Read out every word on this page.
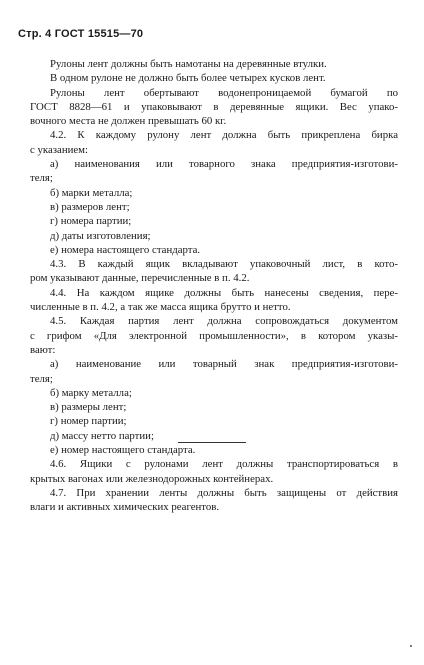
Стр. 4 ГОСТ 15515—70
Рулоны лент должны быть намотаны на деревянные втулки.
В одном рулоне не должно быть более четырех кусков лент.
Рулоны лент обертывают водонепроницаемой бумагой по
ГОСТ 8828—61 и упаковывают в деревянные ящики. Вес упако-
вочного места не должен превышать 60 кг.
4.2. К каждому рулону лент должна быть прикреплена бирка
с указанием:
а) наименования или товарного знака предприятия-изготови-
теля;
б) марки металла;
в) размеров лент;
г) номера партии;
д) даты изготовления;
е) номера настоящего стандарта.
4.3. В каждый ящик вкладывают упаковочный лист, в кото-
ром указывают данные, перечисленные в п. 4.2.
4.4. На каждом ящике должны быть нанесены сведения, пере-
численные в п. 4.2, а так же масса ящика брутто и нетто.
4.5. Каждая партия лент должна сопровождаться документом
с грифом «Для электронной промышленности», в котором указы-
вают:
а) наименование или товарный знак предприятия-изготови-
теля;
б) марку металла;
в) размеры лент;
г) номер партии;
д) массу нетто партии;
е) номер настоящего стандарта.
4.6. Ящики с рулонами лент должны транспортироваться в
крытых вагонах или железнодорожных контейнерах.
4.7. При хранении ленты должны быть защищены от действия
влаги и активных химических реагентов.
